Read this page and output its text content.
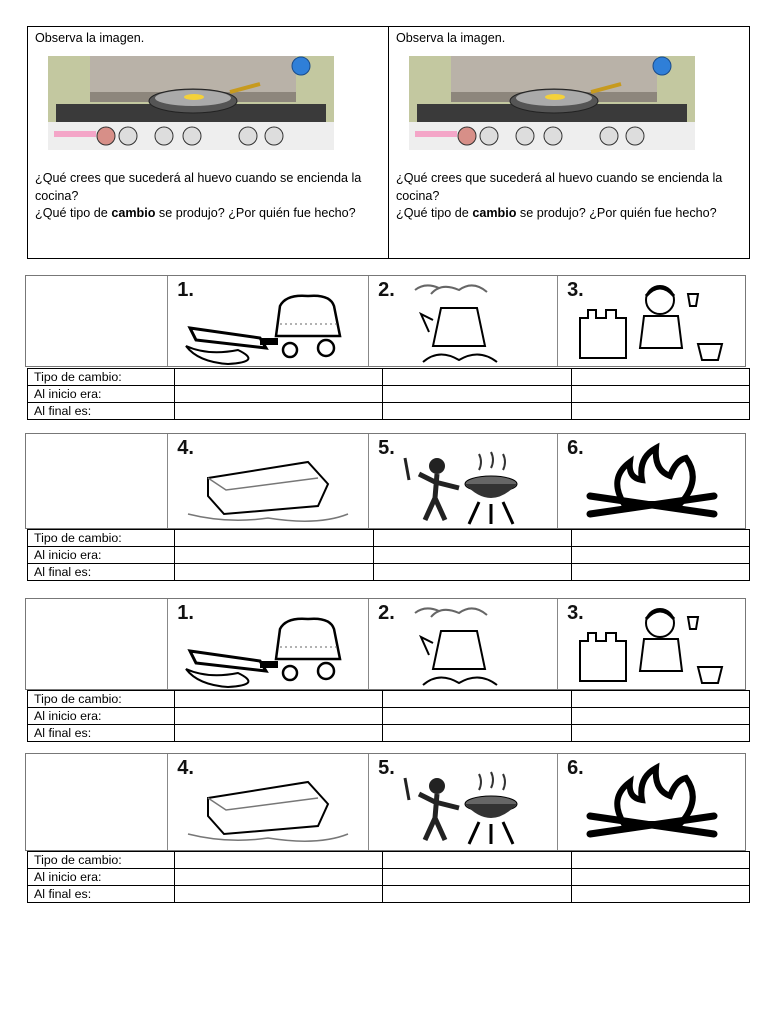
Observa la imagen.

¿Qué crees que sucederá al huevo cuando se encienda la cocina?

¿Qué tipo de cambio se produjo? ¿Por quién fue hecho?

Observa la imagen.

¿Qué crees que sucederá al huevo cuando se encienda la cocina?

¿Qué tipo de cambio se produjo? ¿Por quién fue hecho?

1.	2.	3.
Tipo de cambio:			
Al inicio era:			
Al final es:			
4.	5.	6.
Tipo de cambio:			
Al inicio era:			
Al final es:			
1.	2.	3.
Tipo de cambio:			
Al inicio era:			
Al final es:			
4.	5.	6.
Tipo de cambio:			
Al inicio era:			
Al final es:			
